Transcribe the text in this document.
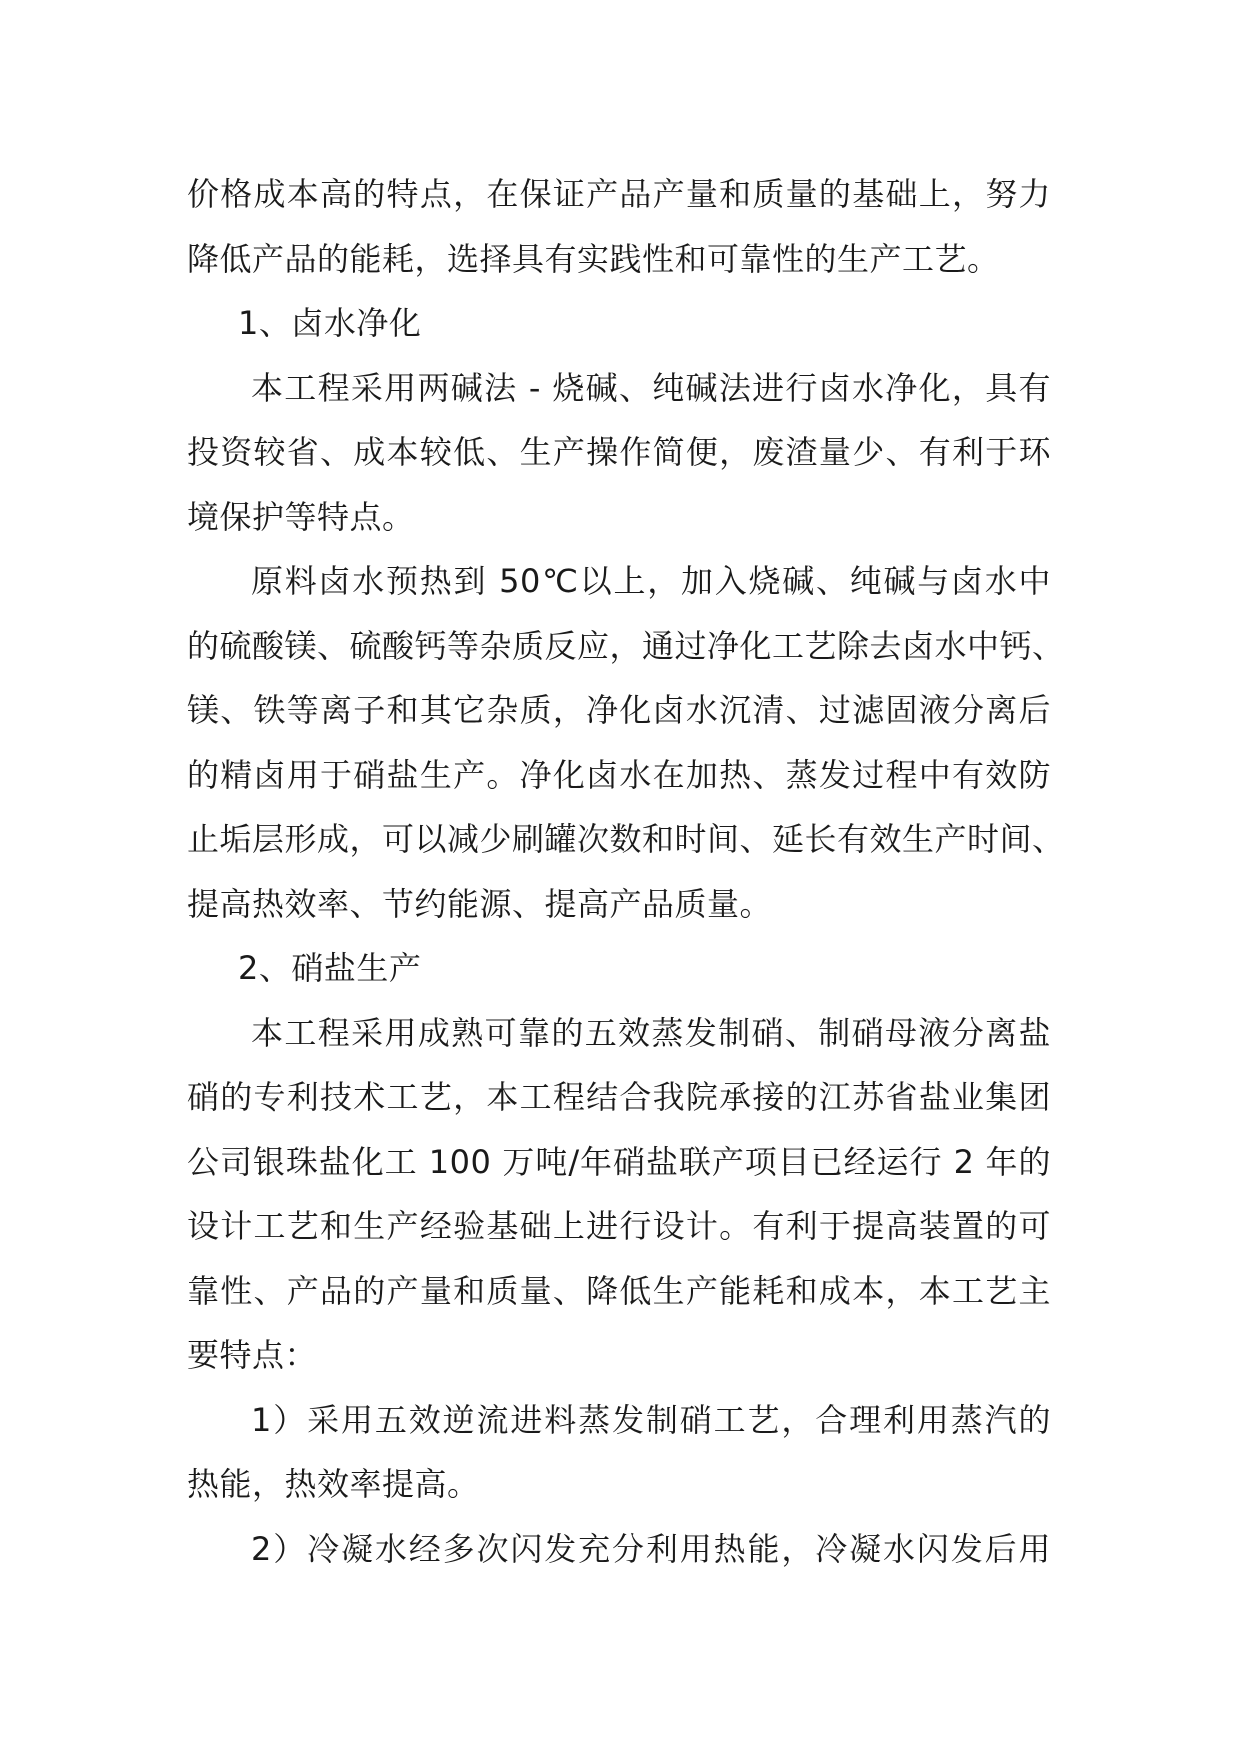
价格成本高的特点，在保证产品产量和质量的基础上，努力
降低产品的能耗，选择具有实践性和可靠性的生产工艺。
1、卤水净化
本工程采用两碱法 - 烧碱、纯碱法进行卤水净化，具有
投资较省、成本较低、生产操作简便，废渣量少、有利于环
境保护等特点。
原料卤水预热到 50℃以上，加入烧碱、纯碱与卤水中
的硫酸镁、硫酸钙等杂质反应，通过净化工艺除去卤水中钙、
镁、铁等离子和其它杂质，净化卤水沉清、过滤固液分离后
的精卤用于硝盐生产。净化卤水在加热、蒸发过程中有效防
止垢层形成，可以减少刷罐次数和时间、延长有效生产时间、
提高热效率、节约能源、提高产品质量。
2、硝盐生产
本工程采用成熟可靠的五效蒸发制硝、制硝母液分离盐
硝的专利技术工艺，本工程结合我院承接的江苏省盐业集团
公司银珠盐化工 100 万吨/年硝盐联产项目已经运行 2 年的
设计工艺和生产经验基础上进行设计。有利于提高装置的可
靠性、产品的产量和质量、降低生产能耗和成本，本工艺主
要特点：
1）采用五效逆流进料蒸发制硝工艺，合理利用蒸汽的
热能，热效率提高。
2）冷凝水经多次闪发充分利用热能，冷凝水闪发后用
